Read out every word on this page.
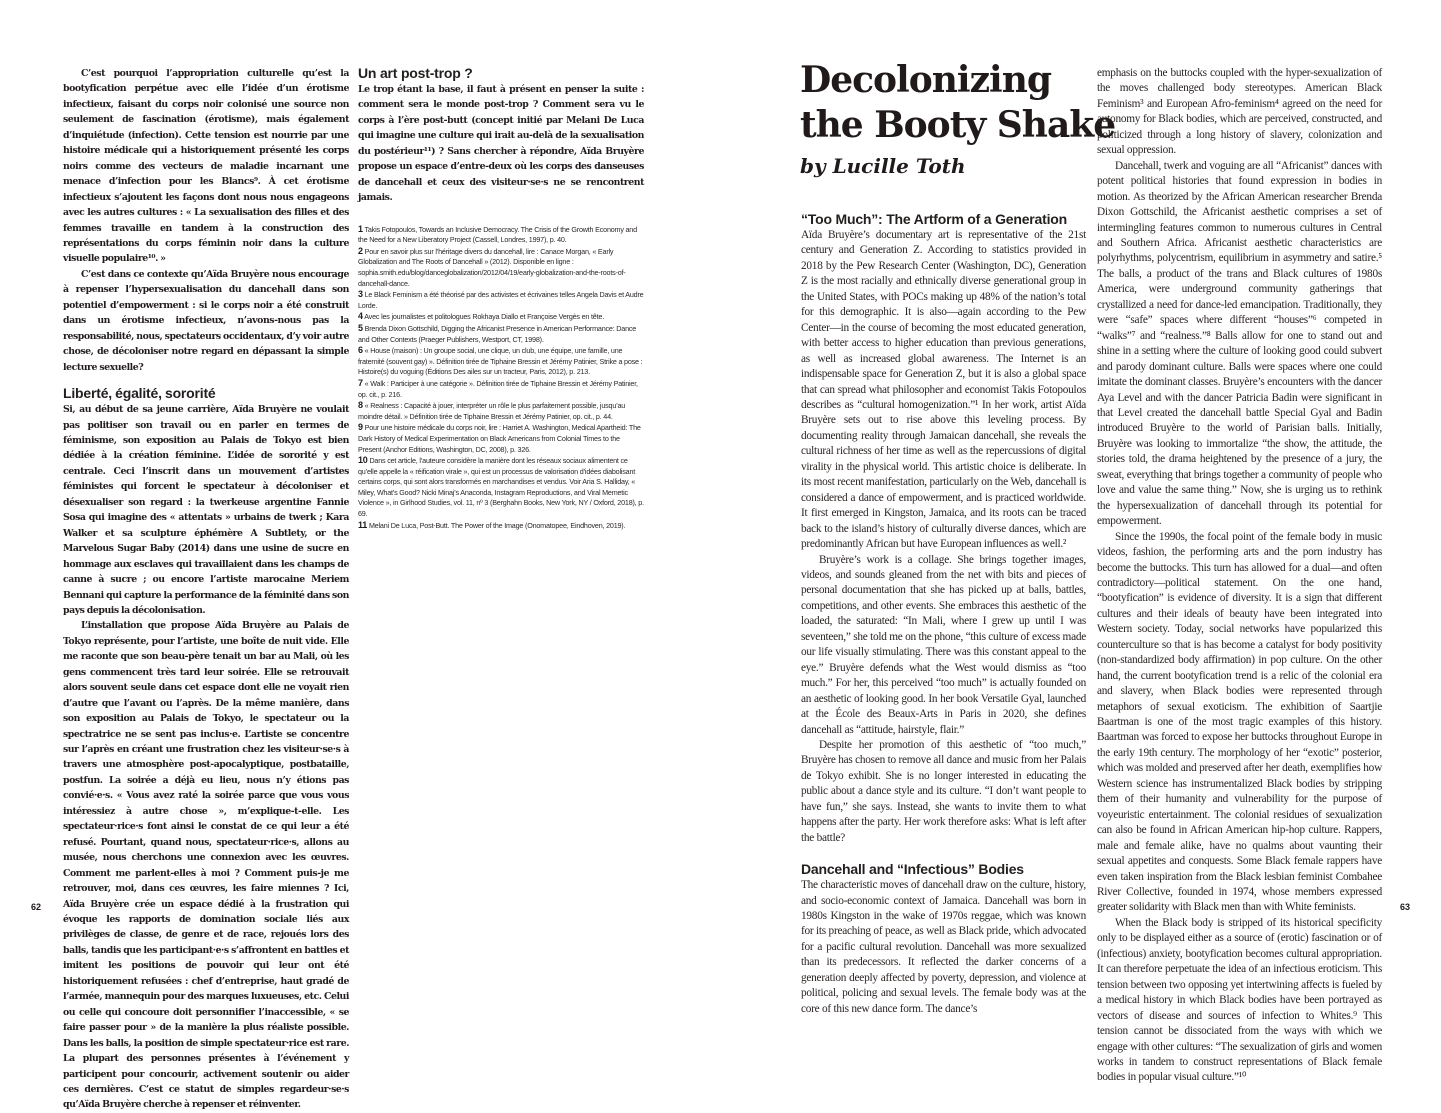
C’est pourquoi l’appropriation culturelle qu’est la bootyfication perpétue avec elle l’idée d’un érotisme infectieux, faisant du corps noir colonisé une source non seulement de fascination (érotisme), mais également d’inquiétude (infection). Cette tension est nourrie par une histoire médicale qui a historiquement présenté les corps noirs comme des vecteurs de maladie incarnant une menace d’infection pour les Blancs⁹. À cet érotisme infectieux s’ajoutent les façons dont nous nous engageons avec les autres cultures : « La sexualisation des filles et des femmes travaille en tandem à la construction des représentations du corps féminin noir dans la culture visuelle populaire¹⁰. »

C’est dans ce contexte qu’Aïda Bruyère nous encourage à repenser l’hypersexualisation du dancehall dans son potentiel d’empowerment : si le corps noir a été construit dans un érotisme infectieux, n’avons-nous pas la responsabilité, nous, spectateurs occidentaux, d’y voir autre chose, de décoloniser notre regard en dépassant la simple lecture sexuelle?

Liberté, égalité, sororité

Si, au début de sa jeune carrière, Aïda Bruyère ne voulait pas politiser son travail ou en parler en termes de féminisme, son exposition au Palais de Tokyo est bien dédiée à la création féminine. L’idée de sororité y est centrale. Ceci l’inscrit dans un mouvement d’artistes féministes qui forcent le spectateur à décoloniser et désexualiser son regard : la twerkeuse argentine Fannie Sosa qui imagine des « attentats » urbains de twerk ; Kara Walker et sa sculpture éphémère A Subtlety, or the Marvelous Sugar Baby (2014) dans une usine de sucre en hommage aux esclaves qui travaillaient dans les champs de canne à sucre ; ou encore l’artiste marocaine Meriem Bennani qui capture la performance de la féminité dans son pays depuis la décolonisation.

L’installation que propose Aïda Bruyère au Palais de Tokyo représente, pour l’artiste, une boîte de nuit vide. Elle me raconte que son beau-père tenait un bar au Mali, où les gens commencent très tard leur soirée. Elle se retrouvait alors souvent seule dans cet espace dont elle ne voyait rien d’autre que l’avant ou l’après. De la même manière, dans son exposition au Palais de Tokyo, le spectateur ou la spectratrice ne se sent pas inclus·e. L’artiste se concentre sur l’après en créant une frustration chez les visiteur·se·s à travers une atmosphère post-apocalyptique, postbataille, postfun. La soirée a déjà eu lieu, nous n’y étions pas convié·e·s. « Vous avez raté la soirée parce que vous vous intéressiez à autre chose », m’explique-t-elle. Les spectateur·rice·s font ainsi le constat de ce qui leur a été refusé. Pourtant, quand nous, spectateur·rice·s, allons au musée, nous cherchons une connexion avec les œuvres. Comment me parlent-elles à moi ? Comment puis-je me retrouver, moi, dans ces œuvres, les faire miennes ? Ici, Aïda Bruyère crée un espace dédié à la frustration qui évoque les rapports de domination sociale liés aux privilèges de classe, de genre et de race, rejoués lors des balls, tandis que les participant·e·s s’affrontent en battles et imitent les positions de pouvoir qui leur ont été historiquement refusées : chef d’entreprise, haut gradé de l’armée, mannequin pour des marques luxueuses, etc. Celui ou celle qui concoure doit personnifier l’inaccessible, « se faire passer pour » de la manière la plus réaliste possible. Dans les balls, la position de simple spectateur·rice est rare. La plupart des personnes présentes à l’événement y participent pour concourir, activement soutenir ou aider ces dernières. C’est ce statut de simples regardeur·se·s qu’Aïda Bruyère cherche à repenser et réinventer.

Un art post-trop ?

Le trop étant la base, il faut à présent en penser la suite : comment sera le monde post-trop ? Comment sera vu le corps à l’ère post-butt (concept initié par Melani De Luca qui imagine une culture qui irait au-delà de la sexualisation du postérieur¹¹) ? Sans chercher à répondre, Aïda Bruyère propose un espace d’entre-deux où les corps des danseuses de dancehall et ceux des visiteur·se·s ne se rencontrent jamais.

1 Takis Fotopoulos, Towards an Inclusive Democracy. The Crisis of the Growth Economy and the Need for a New Liberatory Project (Cassell, Londres, 1997), p. 40.

2 Pour en savoir plus sur l’héritage divers du dancehall, lire : Canace Morgan, « Early Globalization and The Roots of Dancehall » (2012). Disponible en ligne : sophia.smith.edu/blog/danceglobalization/2012/04/19/early-globalization-and-the-roots-of-dancehall-dance.

3 Le Black Feminism a été théorisé par des activistes et écrivaines telles Angela Davis et Audre Lorde.

4 Avec les journalistes et politologues Rokhaya Diallo et Françoise Vergès en tête.

5 Brenda Dixon Gottschild, Digging the Africanist Presence in American Performance: Dance and Other Contexts (Praeger Publishers, Westport, CT, 1998).

6 « House (maison) : Un groupe social, une clique, un club, une équipe, une famille, une fraternité (souvent gay) ». Définition tirée de Tiphaine Bressin et Jérémy Patinier, Strike a pose : Histoire(s) du voguing (Éditions Des ailes sur un tracteur, Paris, 2012), p. 213.

7 « Walk : Participer à une catégorie ». Définition tirée de Tiphaine Bressin et Jérémy Patinier, op. cit., p. 216.

8 « Realness : Capacité à jouer, interpréter un rôle le plus parfaitement possible, jusqu’au moindre détail. » Définition tirée de Tiphaine Bressin et Jérémy Patinier, op. cit., p. 44.

9 Pour une histoire médicale du corps noir, lire : Harriet A. Washington, Medical Apartheid: The Dark History of Medical Experimentation on Black Americans from Colonial Times to the Present (Anchor Editions, Washington, DC, 2008), p. 326.

10 Dans cet article, l’auteure considère la manière dont les réseaux sociaux alimentent ce qu’elle appelle la « réification virale », qui est un processus de valorisation d’idées diabolisant certains corps, qui sont alors transformés en marchandises et vendus. Voir Aria S. Halliday, « Miley, What’s Good? Nicki Minaj’s Anaconda, Instagram Reproductions, and Viral Memetic Violence », in Girlhood Studies, vol. 11, nº 3 (Berghahn Books, New York, NY / Oxford, 2018), p. 69.

11 Melani De Luca, Post-Butt. The Power of the Image (Onomatopee, Eindhoven, 2019).

62
Decolonizing
the Booty Shake
by Lucille Toth
“Too Much”: The Artform of a Generation

Aïda Bruyère’s documentary art is representative of the 21st century and Generation Z. According to statistics provided in 2018 by the Pew Research Center (Washington, DC), Generation Z is the most racially and ethnically diverse generational group in the United States, with POCs making up 48% of the nation’s total for this demographic. It is also—again according to the Pew Center—in the course of becoming the most educated generation, with better access to higher education than previous generations, as well as increased global awareness. The Internet is an indispensable space for Generation Z, but it is also a global space that can spread what philosopher and economist Takis Fotopoulos describes as “cultural homogenization.”¹ In her work, artist Aïda Bruyère sets out to rise above this leveling process. By documenting reality through Jamaican dancehall, she reveals the cultural richness of her time as well as the repercussions of digital virality in the physical world. This artistic choice is deliberate. In its most recent manifestation, particularly on the Web, dancehall is considered a dance of empowerment, and is practiced worldwide. It first emerged in Kingston, Jamaica, and its roots can be traced back to the island’s history of culturally diverse dances, which are predominantly African but have European influences as well.²

Bruyère’s work is a collage. She brings together images, videos, and sounds gleaned from the net with bits and pieces of personal documentation that she has picked up at balls, battles, competitions, and other events. She embraces this aesthetic of the loaded, the saturated: “In Mali, where I grew up until I was seventeen,” she told me on the phone, “this culture of excess made our life visually stimulating. There was this constant appeal to the eye.” Bruyère defends what the West would dismiss as “too much.” For her, this perceived “too much” is actually founded on an aesthetic of looking good. In her book Versatile Gyal, launched at the École des Beaux-Arts in Paris in 2020, she defines dancehall as “attitude, hairstyle, flair.”

Despite her promotion of this aesthetic of “too much,” Bruyère has chosen to remove all dance and music from her Palais de Tokyo exhibit. She is no longer interested in educating the public about a dance style and its culture. “I don’t want people to have fun,” she says. Instead, she wants to invite them to what happens after the party. Her work therefore asks: What is left after the battle?

Dancehall and “Infectious” Bodies

The characteristic moves of dancehall draw on the culture, history, and socio-economic context of Jamaica. Dancehall was born in 1980s Kingston in the wake of 1970s reggae, which was known for its preaching of peace, as well as Black pride, which advocated for a pacific cultural revolution. Dancehall was more sexualized than its predecessors. It reflected the darker concerns of a generation deeply affected by poverty, depression, and violence at political, policing and sexual levels. The female body was at the core of this new dance form. The dance’s

emphasis on the buttocks coupled with the hyper-sexualization of the moves challenged body stereotypes. American Black Feminism³ and European Afro-feminism⁴ agreed on the need for autonomy for Black bodies, which are perceived, constructed, and politicized through a long history of slavery, colonization and sexual oppression.

Dancehall, twerk and voguing are all “Africanist” dances with potent political histories that found expression in bodies in motion. As theorized by the African American researcher Brenda Dixon Gottschild, the Africanist aesthetic comprises a set of intermingling features common to numerous cultures in Central and Southern Africa. Africanist aesthetic characteristics are polyrhythms, polycentrism, equilibrium in asymmetry and satire.⁵ The balls, a product of the trans and Black cultures of 1980s America, were underground community gatherings that crystallized a need for dance-led emancipation. Traditionally, they were “safe” spaces where different “houses”⁶ competed in “walks”⁷ and “realness.”⁸ Balls allow for one to stand out and shine in a setting where the culture of looking good could subvert and parody dominant culture. Balls were spaces where one could imitate the dominant classes. Bruyère’s encounters with the dancer Aya Level and with the dancer Patricia Badin were significant in that Level created the dancehall battle Special Gyal and Badin introduced Bruyère to the world of Parisian balls. Initially, Bruyère was looking to immortalize “the show, the attitude, the stories told, the drama heightened by the presence of a jury, the sweat, everything that brings together a community of people who love and value the same thing.” Now, she is urging us to rethink the hypersexualization of dancehall through its potential for empowerment.

Since the 1990s, the focal point of the female body in music videos, fashion, the performing arts and the porn industry has become the buttocks. This turn has allowed for a dual—and often contradictory—political statement. On the one hand, “bootyfication” is evidence of diversity. It is a sign that different cultures and their ideals of beauty have been integrated into Western society. Today, social networks have popularized this counterculture so that is has become a catalyst for body positivity (non-standardized body affirmation) in pop culture. On the other hand, the current bootyfication trend is a relic of the colonial era and slavery, when Black bodies were represented through metaphors of sexual exoticism. The exhibition of Saartjie Baartman is one of the most tragic examples of this history. Baartman was forced to expose her buttocks throughout Europe in the early 19th century. The morphology of her “exotic” posterior, which was molded and preserved after her death, exemplifies how Western science has instrumentalized Black bodies by stripping them of their humanity and vulnerability for the purpose of voyeuristic entertainment. The colonial residues of sexualization can also be found in African American hip-hop culture. Rappers, male and female alike, have no qualms about vaunting their sexual appetites and conquests. Some Black female rappers have even taken inspiration from the Black lesbian feminist Combahee River Collective, founded in 1974, whose members expressed greater solidarity with Black men than with White feminists.

When the Black body is stripped of its historical specificity only to be displayed either as a source of (erotic) fascination or of (infectious) anxiety, bootyfication becomes cultural appropriation. It can therefore perpetuate the idea of an infectious eroticism. This tension between two opposing yet intertwining affects is fueled by a medical history in which Black bodies have been portrayed as vectors of disease and sources of infection to Whites.⁹ This tension cannot be dissociated from the ways with which we engage with other cultures: “The sexualization of girls and women works in tandem to construct representations of Black female bodies in popular visual culture.”¹⁰

63
